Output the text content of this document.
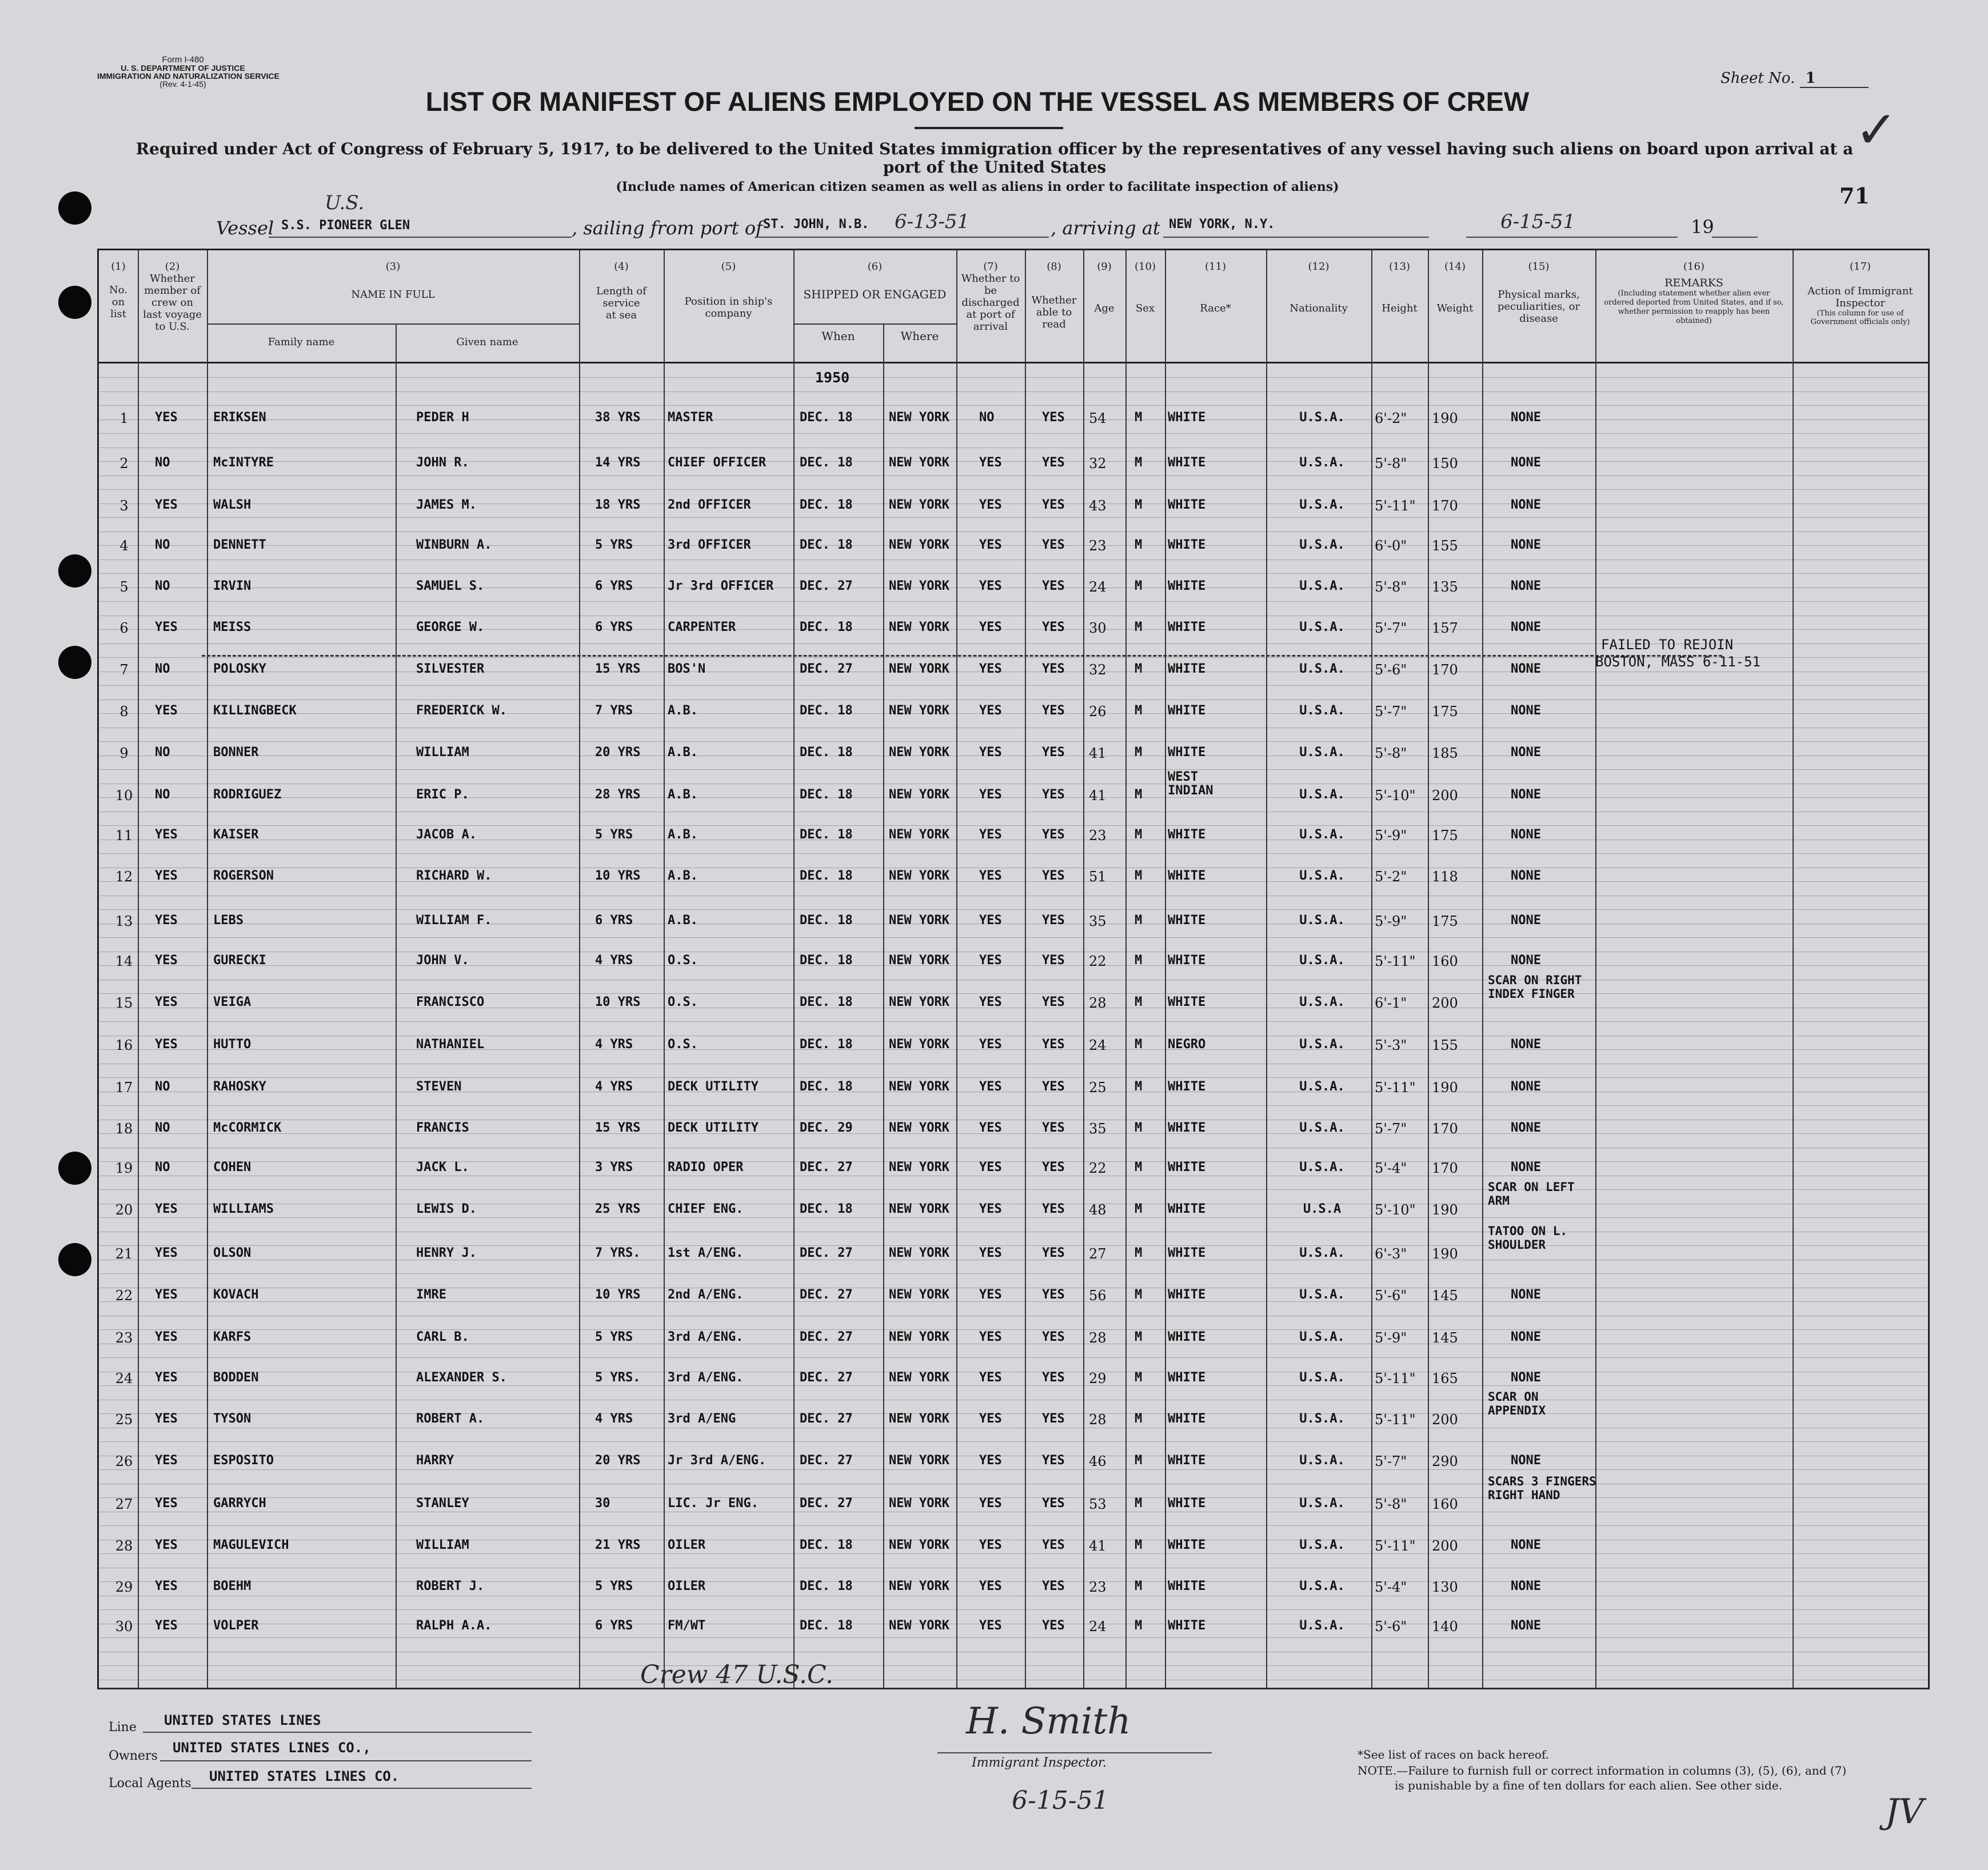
Form I-480
U. S. DEPARTMENT OF JUSTICE
IMMIGRATION AND NATURALIZATION SERVICE
(Rev. 4-1-45)	Sheet No. 1
LIST OR MANIFEST OF ALIENS EMPLOYED ON THE VESSEL AS MEMBERS OF CREW
Required under Act of Congress of February 5, 1917, to be delivered to the United States immigration officer by the representatives of any vessel having such aliens on board upon arrival at a
port of the United States
(Include names of American citizen seamen as well as aliens in order to facilitate inspection of aliens)	71
✓
Vessel
U.S.
S.S. PIONEER GLEN	, sailing from port of ST. JOHN, N.B. 6-13-51	, arriving at NEW YORK, N.Y.	6-15-51	19
(1)
No. on list
(2)
Whether member of crew on last voyage to U.S.
(3)
NAME IN FULL
Family name	Given name
(4)
Length of service at sea
(5)
Position in ship's company
(6)
SHIPPED OR ENGAGED
When	Where
(7)
Whether to be discharged at port of arrival
(8)
Whether able to read
(9)
Age
(10)
Sex
(11)
Race*
(12)
Nationality
(13)
Height
(14)
Weight
(15)
Physical marks, peculiarities, or disease
(16)
REMARKS
(Including statement whether alien ever ordered deported from United States, and if so, whether permission to reapply has been obtained)
(17)
Action of Immigrant Inspector
(This column for use of Government officials only)
1950
FAILED TO REJOIN
BOSTON, MASS 6-11-51
1	YES	ERIKSEN	PEDER H	38 YRS MASTER	DEC. 18	NEW YORK NO	YES 54 M WHITE	U.S.A.	6'-2" 190	NONE
2	NO	McINTYRE	JOHN R.	14 YRS CHIEF OFFICER	DEC. 18	NEW YORK YES	YES 32 M WHITE	U.S.A.	5'-8" 150	NONE
3	YES	WALSH	JAMES M.	18 YRS 2nd OFFICER	DEC. 18	NEW YORK YES	YES 43 M WHITE	U.S.A.	5'-11" 170	NONE
4	NO	DENNETT	WINBURN A.	5 YRS	3rd OFFICER	DEC. 18	NEW YORK YES	YES 23 M WHITE	U.S.A.	6'-0" 155	NONE
5	NO	IRVIN	SAMUEL S.	6 YRS	Jr 3rd OFFICER DEC. 27	NEW YORK YES	YES 24 M WHITE	U.S.A.	5'-8" 135	NONE
6	YES	MEISS	GEORGE W.	6 YRS	CARPENTER	DEC. 18	NEW YORK YES	YES 30 M WHITE	U.S.A.	5'-7" 157	NONE
7	NO	POLOSKY	SILVESTER	15 YRS BOS'N	DEC. 27	NEW YORK YES	YES 32 M WHITE	U.S.A.	5'-6" 170	NONE
8	YES	KILLINGBECK	FREDERICK W.	7 YRS	A.B.	DEC. 18	NEW YORK YES	YES 26 M WHITE	U.S.A.	5'-7" 175	NONE
9	NO	BONNER	WILLIAM	20 YRS A.B.	DEC. 18	NEW YORK YES	YES 41 M WHITE	U.S.A.	5'-8" 185	NONE
10	NO	RODRIGUEZ	ERIC P.	28 YRS A.B.	DEC. 18	NEW YORK YES	YES 41 M
WEST INDIAN	U.S.A.	5'-10" 200	NONE
11	YES	KAISER	JACOB A.	5 YRS	A.B.	DEC. 18	NEW YORK YES	YES 23 M WHITE	U.S.A.	5'-9" 175	NONE
12	YES	ROGERSON	RICHARD W.	10 YRS A.B.	DEC. 18	NEW YORK YES	YES 51 M WHITE	U.S.A.	5'-2" 118	NONE
13	YES	LEBS	WILLIAM F.	6 YRS	A.B.	DEC. 18	NEW YORK YES	YES 35 M WHITE	U.S.A.	5'-9" 175	NONE
14	YES	GURECKI	JOHN V.	4 YRS	O.S.	DEC. 18	NEW YORK YES	YES 22 M WHITE	U.S.A.	5'-11" 160	NONE
15	YES	VEIGA	FRANCISCO	10 YRS O.S.	DEC. 18	NEW YORK YES	YES 28 M WHITE	U.S.A.	6'-1" 200
SCAR ON RIGHT INDEX FINGER
16	YES	HUTTO	NATHANIEL	4 YRS	O.S.	DEC. 18	NEW YORK YES	YES 24 M NEGRO	U.S.A.	5'-3" 155	NONE
17	NO	RAHOSKY	STEVEN	4 YRS	DECK UTILITY	DEC. 18	NEW YORK YES	YES 25 M WHITE	U.S.A.	5'-11" 190	NONE
18	NO	McCORMICK	FRANCIS	15 YRS DECK UTILITY	DEC. 29	NEW YORK YES	YES 35 M WHITE	U.S.A.	5'-7" 170	NONE
19	NO	COHEN	JACK L.	3 YRS	RADIO OPER	DEC. 27	NEW YORK YES	YES 22 M WHITE	U.S.A.	5'-4" 170	NONE
20	YES	WILLIAMS	LEWIS D.	25 YRS CHIEF ENG.	DEC. 18	NEW YORK YES	YES 48 M WHITE	U.S.A	5'-10" 190
SCAR ON LEFT ARM
21	YES	OLSON	HENRY J.	7 YRS. 1st A/ENG.	DEC. 27	NEW YORK YES	YES 27 M WHITE	U.S.A.	6'-3" 190
TATOO ON L. SHOULDER
22	YES	KOVACH	IMRE	10 YRS 2nd A/ENG.	DEC. 27	NEW YORK YES	YES 56 M WHITE	U.S.A.	5'-6" 145	NONE
23	YES	KARFS	CARL B.	5 YRS	3rd A/ENG.	DEC. 27	NEW YORK YES	YES 28 M WHITE	U.S.A.	5'-9" 145	NONE
24	YES	BODDEN	ALEXANDER S.	5 YRS. 3rd A/ENG.	DEC. 27	NEW YORK YES	YES 29 M WHITE	U.S.A.	5'-11" 165	NONE
25	YES	TYSON	ROBERT A.	4 YRS	3rd A/ENG	DEC. 27	NEW YORK YES	YES 28 M WHITE	U.S.A.	5'-11" 200
SCAR ON APPENDIX
26	YES	ESPOSITO	HARRY	20 YRS Jr 3rd A/ENG.	DEC. 27	NEW YORK YES	YES 46 M WHITE	U.S.A.	5'-7" 290	NONE
27	YES	GARRYCH	STANLEY	30	LIC. Jr ENG.	DEC. 27	NEW YORK YES	YES 53 M WHITE	U.S.A.	5'-8" 160
SCARS 3 FINGERS RIGHT HAND
28	YES	MAGULEVICH	WILLIAM	21 YRS OILER	DEC. 18	NEW YORK YES	YES 41 M WHITE	U.S.A.	5'-11" 200	NONE
29	YES	BOEHM	ROBERT J.	5 YRS	OILER	DEC. 18	NEW YORK YES	YES 23 M WHITE	U.S.A.	5'-4" 130	NONE
30	YES	VOLPER	RALPH A.A.	6 YRS	FM/WT	DEC. 18	NEW YORK YES	YES 24 M WHITE	U.S.A.	5'-6" 140	NONE
Crew 47 U.S.C.
Line UNITED STATES LINES
Owners
UNITED STATES LINES CO.,
Local Agents UNITED STATES LINES CO.
H. Smith
Immigrant Inspector.
6-15-51
*See list of races on back hereof.
NOTE.—Failure to furnish full or correct information in columns (3), (5), (6), and (7)
is punishable by a fine of ten dollars for each alien. See other side.
JV
